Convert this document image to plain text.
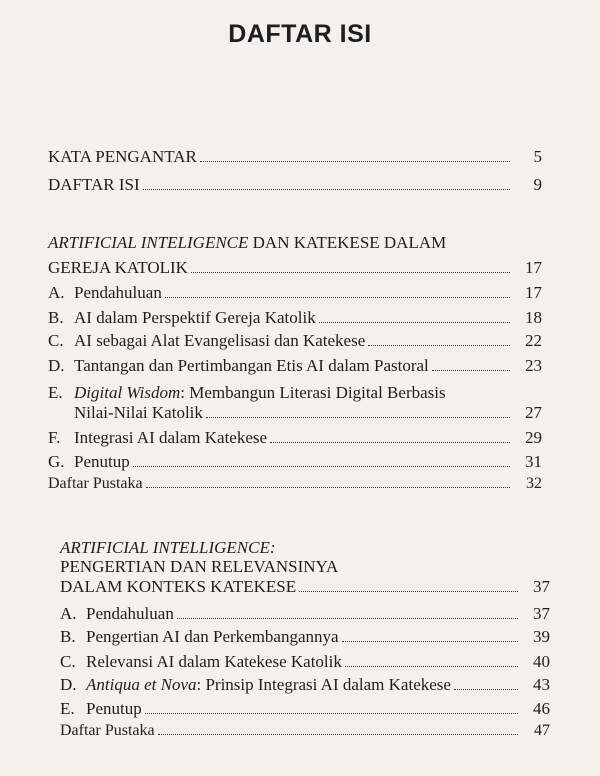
DAFTAR ISI
KATA PENGANTAR	5
DAFTAR ISI	9
ARTIFICIAL INTELIGENCE DAN KATEKESE DALAM
GEREJA KATOLIK	17
A. Pendahuluan	17
B. AI dalam Perspektif Gereja Katolik	18
C. AI sebagai Alat Evangelisasi dan Katekese	22
D. Tantangan dan Pertimbangan Etis AI dalam Pastoral	23
E. Digital Wisdom: Membangun Literasi Digital Berbasis
Nilai-Nilai Katolik	27
F. Integrasi AI dalam Katekese	29
G. Penutup	31
Daftar Pustaka	32
ARTIFICIAL INTELLIGENCE:
PENGERTIAN DAN RELEVANSINYA
DALAM KONTEKS KATEKESE	37
A. Pendahuluan	37
B. Pengertian AI dan Perkembangannya	39
C. Relevansi AI dalam Katekese Katolik	40
D. Antiqua et Nova: Prinsip Integrasi AI dalam Katekese	43
E. Penutup	46
Daftar Pustaka	47
